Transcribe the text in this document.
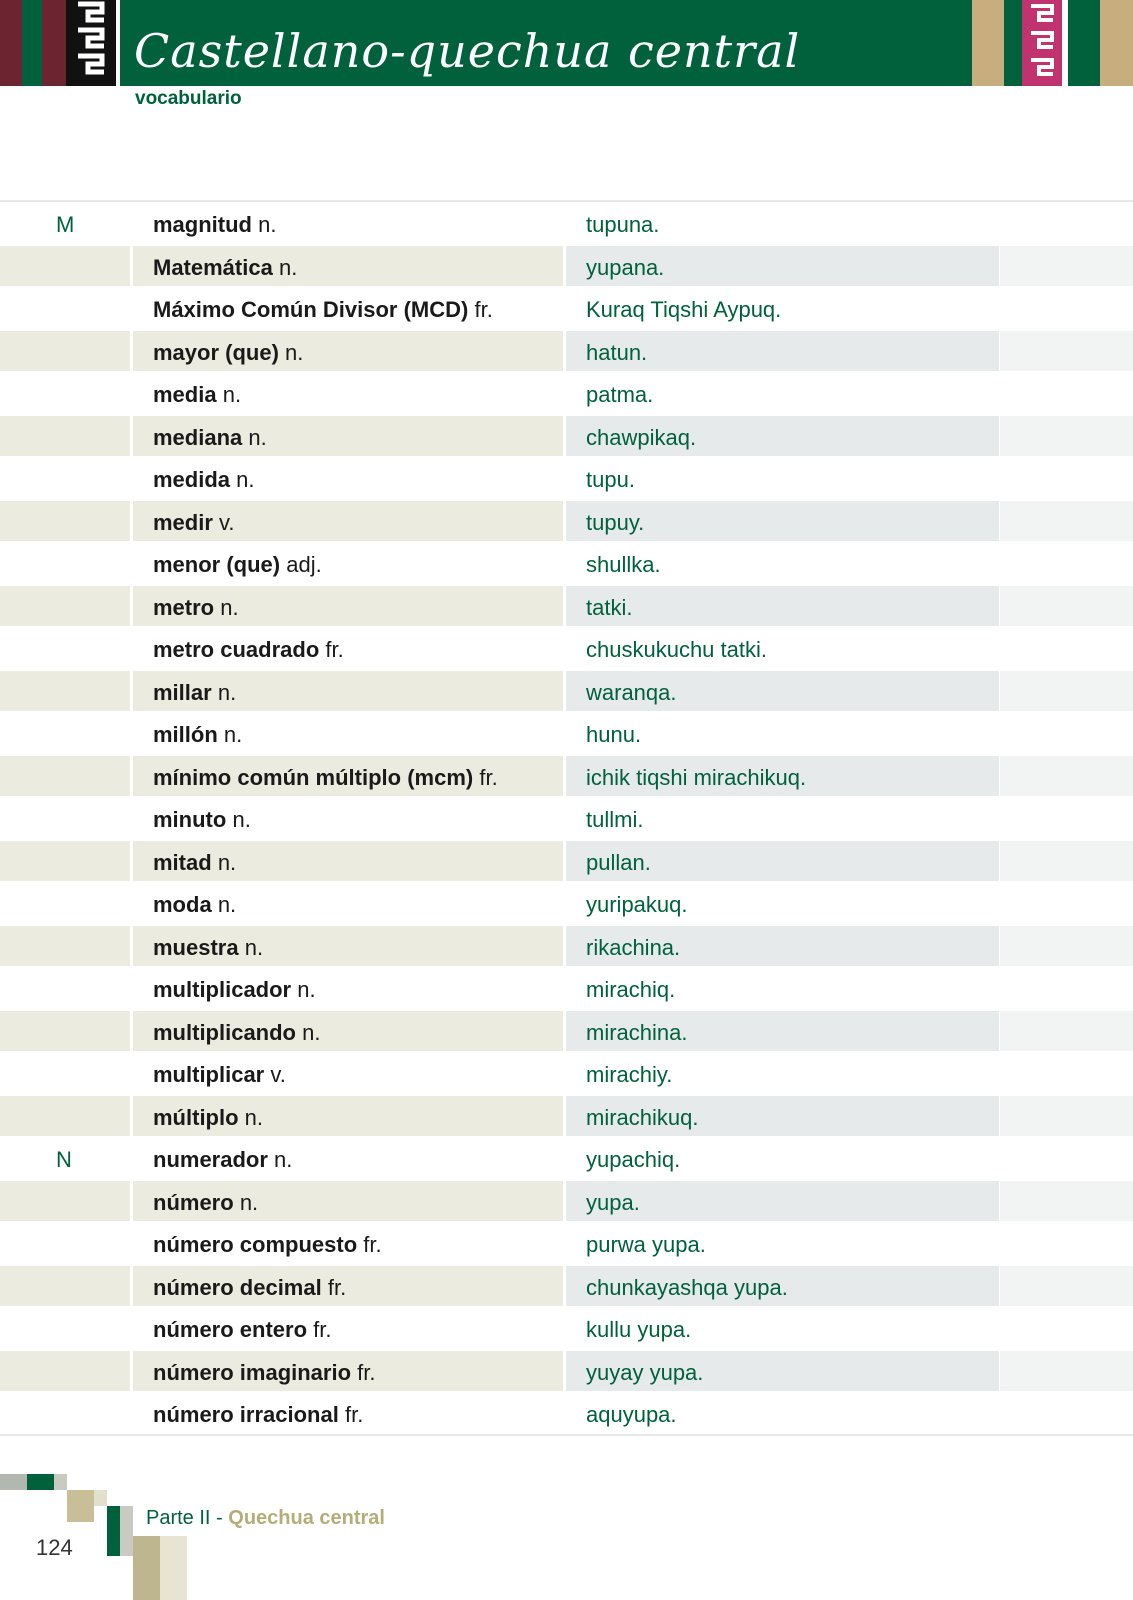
Castellano-quechua central
vocabulario
M	magnitud n.	tupuna.
Matemática n.	yupana.
Máximo Común Divisor (MCD) fr.	Kuraq Tiqshi Aypuq.
mayor (que) n.	hatun.
media n.	patma.
mediana n.	chawpikaq.
medida n.	tupu.
medir v.	tupuy.
menor (que) adj.	shullka.
metro n.	tatki.
metro cuadrado fr.	chuskukuchu tatki.
millar n.	waranqa.
millón n.	hunu.
mínimo común múltiplo (mcm) fr.	ichik tiqshi mirachikuq.
minuto n.	tullmi.
mitad n.	pullan.
moda n.	yuripakuq.
muestra n.	rikachina.
multiplicador n.	mirachiq.
multiplicando n.	mirachina.
multiplicar v.	mirachiy.
múltiplo n.	mirachikuq.
N	numerador n.	yupachiq.
número n.	yupa.
número compuesto fr.	purwa yupa.
número decimal fr.	chunkayashqa yupa.
número entero fr.	kullu yupa.
número imaginario fr.	yuyay yupa.
número irracional fr.	aquyupa.
Parte II - Quechua central
124
